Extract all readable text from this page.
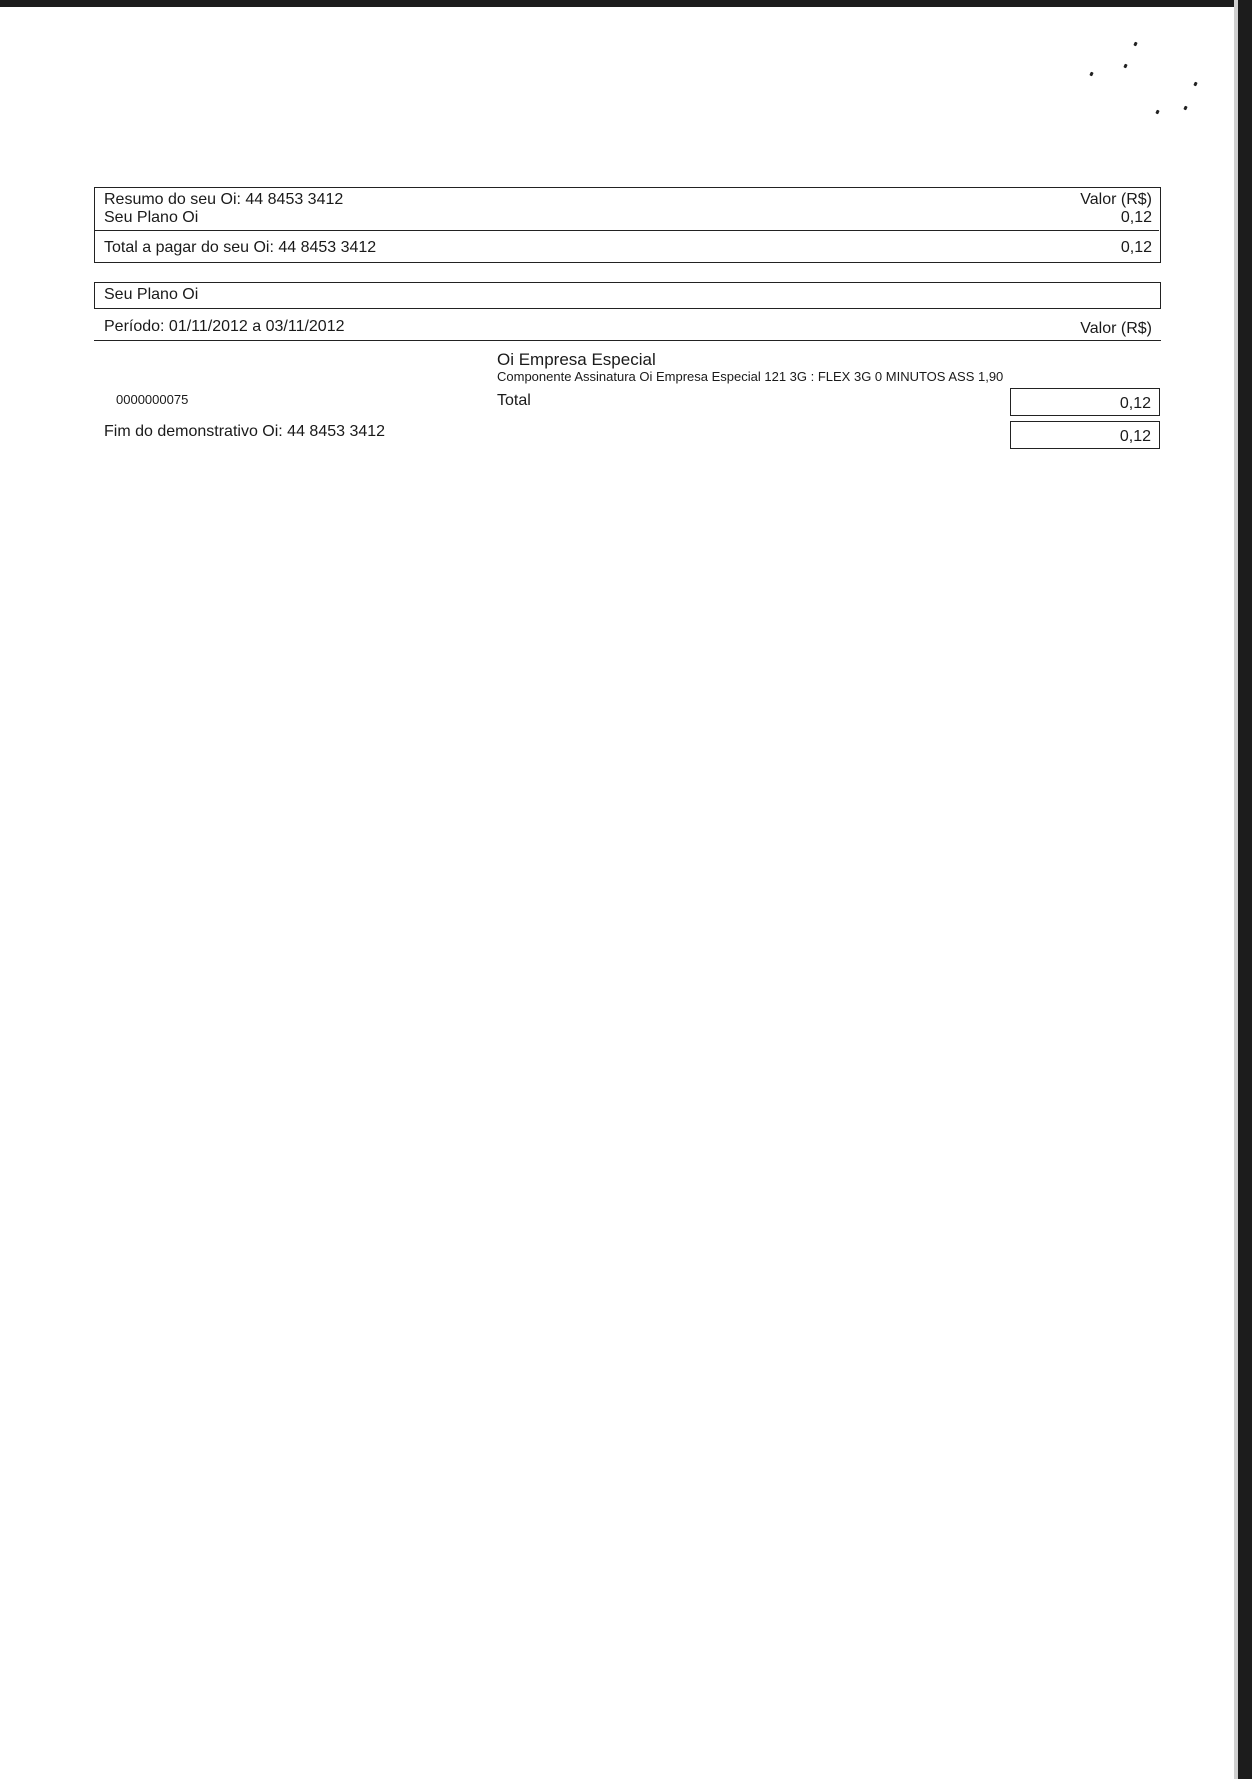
Resumo do seu Oi: 44 8453 3412	Valor (R$)
Seu Plano Oi	0,12
Total a pagar do seu Oi: 44 8453 3412	0,12
Seu Plano Oi
Período: 01/11/2012 a 03/11/2012	Valor (R$)
Oi Empresa Especial
Componente Assinatura Oi Empresa Especial 121 3G : FLEX 3G 0 MINUTOS ASS 1,90
0000000075	Total	0,12
Fim do demonstrativo Oi: 44 8453 3412	0,12
